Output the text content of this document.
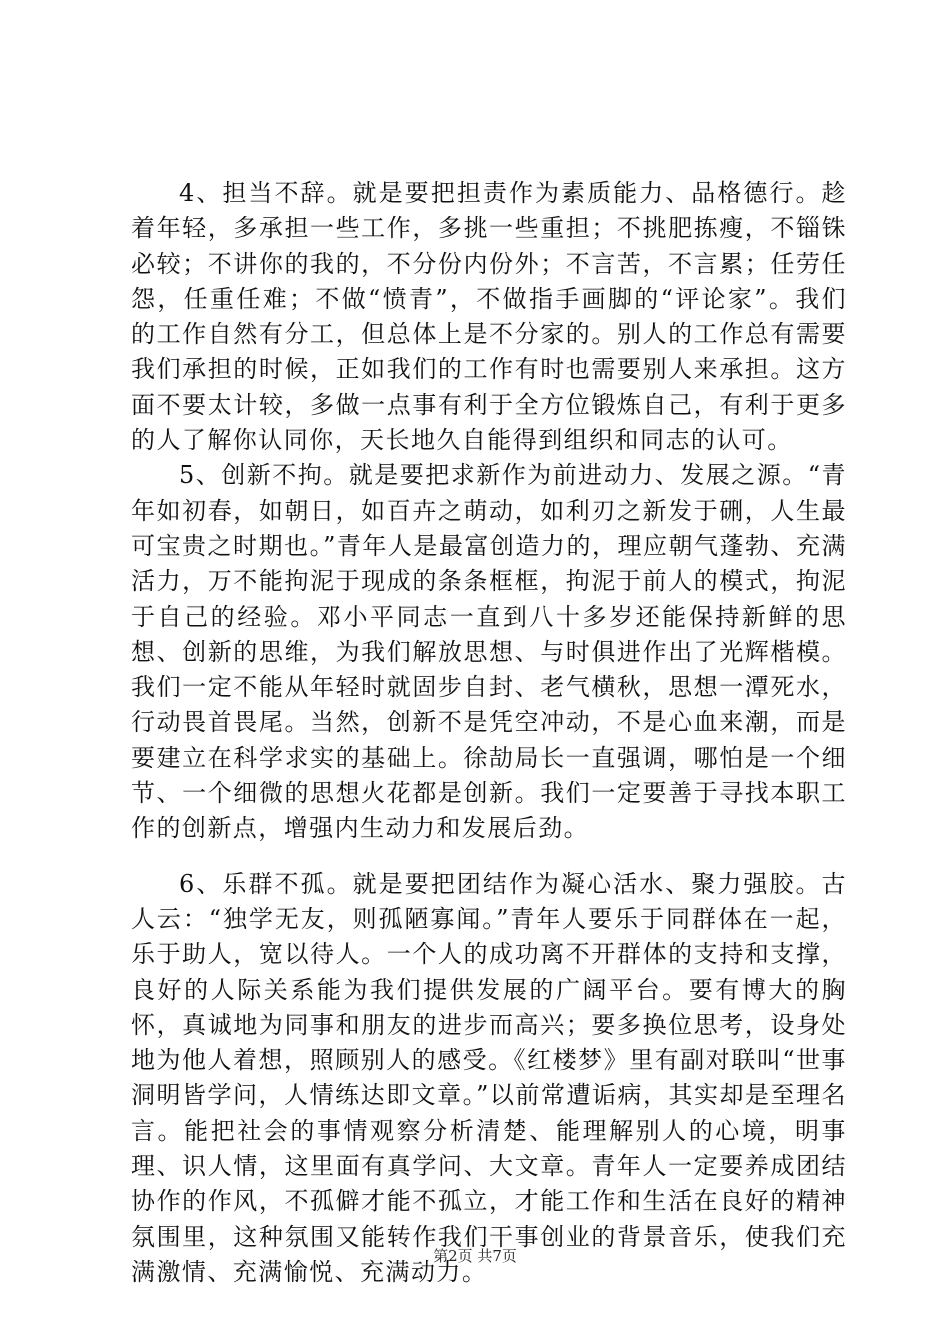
4、担当不辞。就是要把担责作为素质能力、品格德行。趁着年轻，多承担一些工作，多挑一些重担；不挑肥拣瘦，不锱铢必较；不讲你的我的，不分份内份外；不言苦，不言累；任劳任怨，任重任难；不做“愤青”，不做指手画脚的“评论家”。我们的工作自然有分工，但总体上是不分家的。别人的工作总有需要我们承担的时候，正如我们的工作有时也需要别人来承担。这方面不要太计较，多做一点事有利于全方位锻炼自己，有利于更多的人了解你认同你，天长地久自能得到组织和同志的认可。

5、创新不拘。就是要把求新作为前进动力、发展之源。“青年如初春，如朝日，如百卉之萌动，如利刃之新发于硎，人生最可宝贵之时期也。”青年人是最富创造力的，理应朝气蓬勃、充满活力，万不能拘泥于现成的条条框框，拘泥于前人的模式，拘泥于自己的经验。邓小平同志一直到八十多岁还能保持新鲜的思想、创新的思维，为我们解放思想、与时俱进作出了光辉楷模。我们一定不能从年轻时就固步自封、老气横秋，思想一潭死水，行动畏首畏尾。当然，创新不是凭空冲动，不是心血来潮，而是要建立在科学求实的基础上。徐劼局长一直强调，哪怕是一个细节、一个细微的思想火花都是创新。我们一定要善于寻找本职工作的创新点，增强内生动力和发展后劲。

6、乐群不孤。就是要把团结作为凝心活水、聚力强胶。古人云：“独学无友，则孤陋寡闻。”青年人要乐于同群体在一起，乐于助人，宽以待人。一个人的成功离不开群体的支持和支撑，良好的人际关系能为我们提供发展的广阔平台。要有博大的胸怀，真诚地为同事和朋友的进步而高兴；要多换位思考，设身处地为他人着想，照顾别人的感受。《红楼梦》里有副对联叫“世事洞明皆学问，人情练达即文章。”以前常遭诟病，其实却是至理名言。能把社会的事情观察分析清楚、能理解别人的心境，明事理、识人情，这里面有真学问、大文章。青年人一定要养成团结协作的作风，不孤僻才能不孤立，才能工作和生活在良好的精神氛围里，这种氛围又能转作我们干事创业的背景音乐，使我们充满激情、充满愉悦、充满动力。

第2页 共7页
